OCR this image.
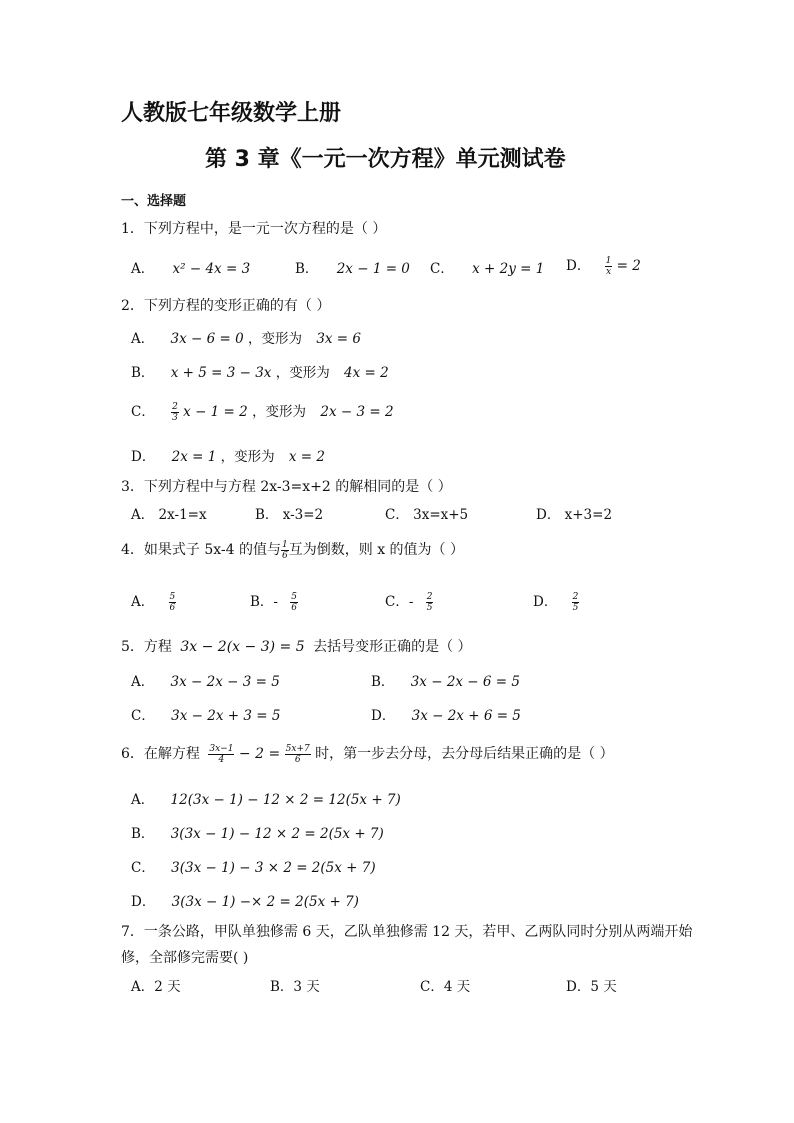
人教版七年级数学上册
第 3 章《一元一次方程》单元测试卷
一、选择题
1．下列方程中，是一元一次方程的是（ ）
A． x² − 4x = 3	B． 2x − 1 = 0 C． x + 2y = 1 D． $\frac{1}{x} = 2$
2．下列方程的变形正确的有（ ）
A． 3x − 6 = 0 ，变形为 3x = 6
B． x + 5 = 3 − 3x ，变形为 4x = 2
C． $\frac{2}{3}$ x − 1 = 2 ，变形为 2x − 3 = 2
D． 2x = 1 ，变形为 x = 2
3．下列方程中与方程 2x-3=x+2 的解相同的是（ ）
A． 2x-1=x	B． x-3=2	C． 3x=x+5	D． x+3=2
4．如果式子 5x-4 的值与 $\frac{1}{6}$ 互为倒数，则 x 的值为（ ）
A． $\frac{5}{6}$	B．- $\frac{5}{6}$	C．- $\frac{2}{5}$	D． $\frac{2}{5}$
5．方程 3x − 2(x − 3) = 5 去括号变形正确的是（ ）
A． 3x − 2x − 3 = 5	B． 3x − 2x − 6 = 5
C． 3x − 2x + 3 = 5	D． 3x − 2x + 6 = 5
6．在解方程 $\frac{3x-1}{4} - 2 = \frac{5x+7}{6}$ 时，第一步去分母，去分母后结果正确的是（ ）
A． 12(3x − 1) − 12 × 2 = 12(5x + 7)
B． 3(3x − 1) − 12 × 2 = 2(5x + 7)
C． 3(3x − 1) − 3 × 2 = 2(5x + 7)
D． 3(3x − 1) −× 2 = 2(5x + 7)
7．一条公路，甲队单独修需 6 天，乙队单独修需 12 天，若甲、乙两队同时分别从两端开始
修，全部修完需要( )
A．2 天	B．3 天	C．4 天	D．5 天
